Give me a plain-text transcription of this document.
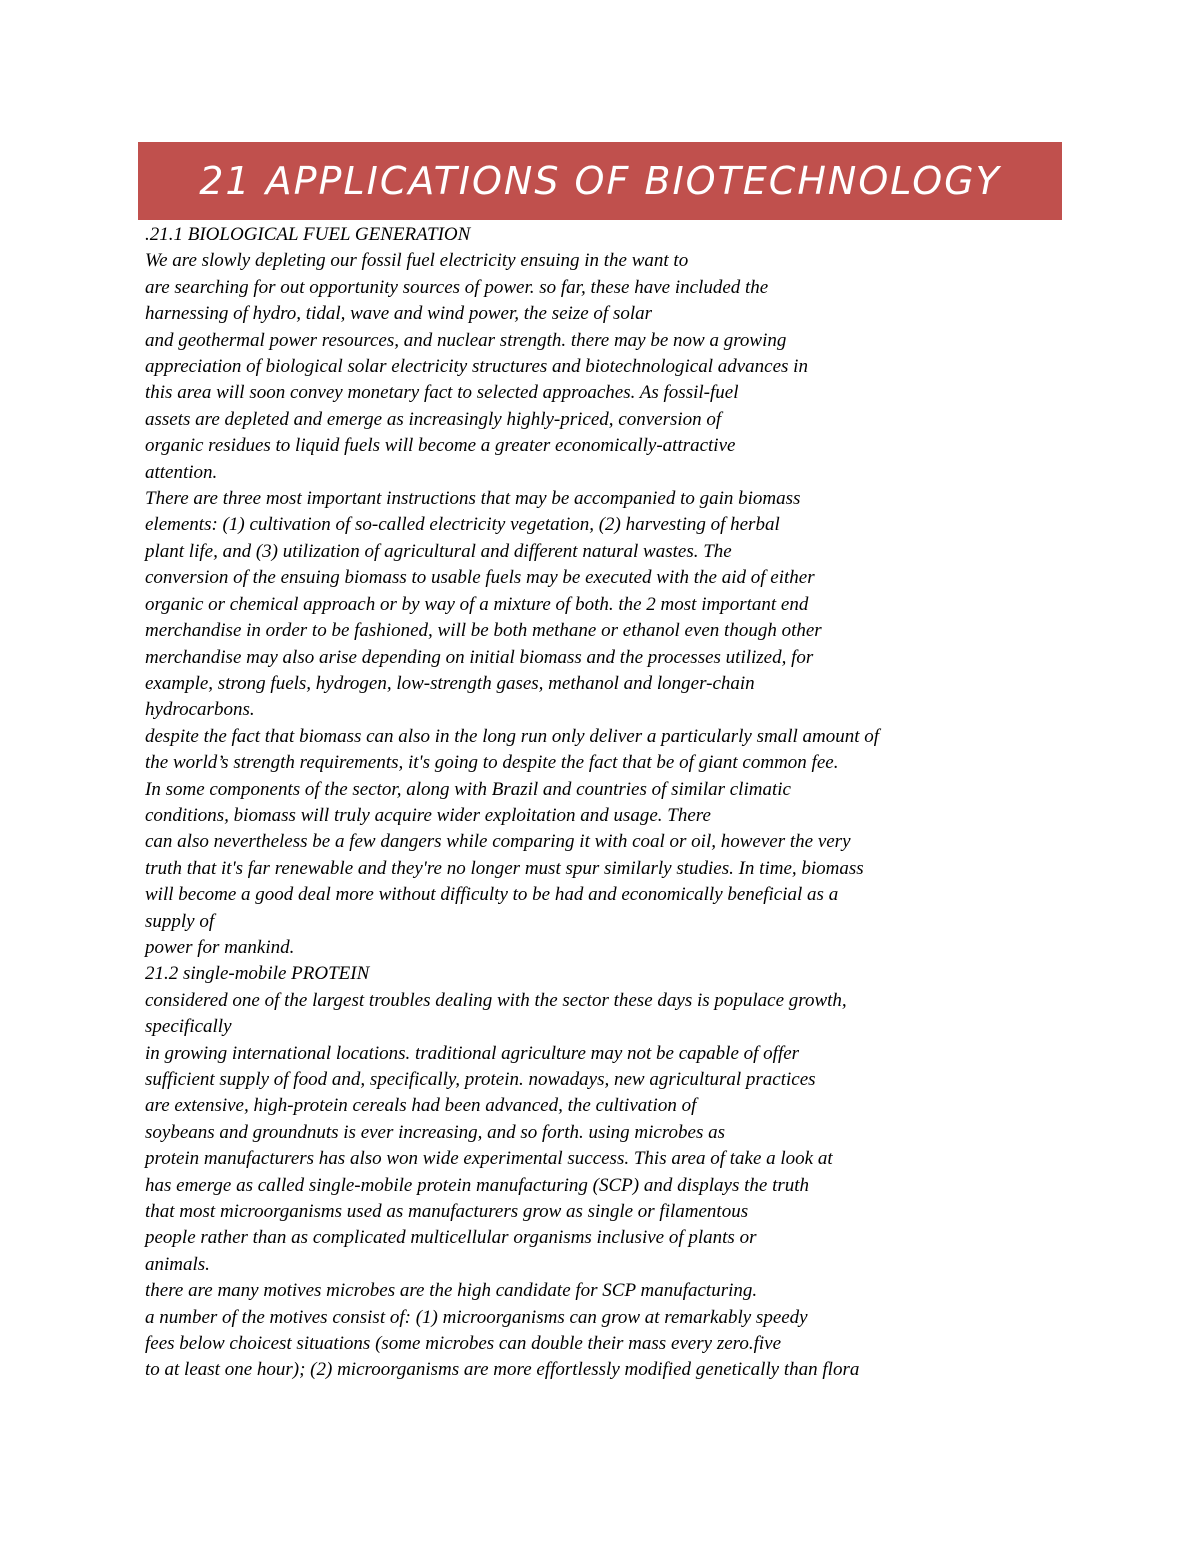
21 APPLICATIONS OF BIOTECHNOLOGY
.21.1 BIOLOGICAL FUEL GENERATION
We are slowly depleting our fossil fuel electricity ensuing in the want to
are searching for out opportunity sources of power. so far, these have included the
harnessing of hydro, tidal, wave and wind power, the seize of solar
and geothermal power resources, and nuclear strength. there may be now a growing
appreciation of biological solar electricity structures and biotechnological advances in
this area will soon convey monetary fact to selected approaches. As fossil-fuel
assets are depleted and emerge as increasingly highly-priced, conversion of
organic residues to liquid fuels will become a greater economically-attractive
attention.
There are three most important instructions that may be accompanied to gain biomass
elements: (1) cultivation of so-called electricity vegetation, (2) harvesting of herbal
plant life, and (3) utilization of agricultural and different natural wastes. The
conversion of the ensuing biomass to usable fuels may be executed with the aid of either
organic or chemical approach or by way of a mixture of both. the 2 most important end
merchandise in order to be fashioned, will be both methane or ethanol even though other
merchandise may also arise depending on initial biomass and the processes utilized, for
example, strong fuels, hydrogen, low-strength gases, methanol and longer-chain
hydrocarbons.
despite the fact that biomass can also in the long run only deliver a particularly small amount of
the world’s strength requirements, it's going to despite the fact that be of giant common fee.
In some components of the sector, along with Brazil and countries of similar climatic
conditions, biomass will truly acquire wider exploitation and usage. There
can also nevertheless be a few dangers while comparing it with coal or oil, however the very
truth that it's far renewable and they're no longer must spur similarly studies. In time, biomass
will become a good deal more without difficulty to be had and economically beneficial as a
supply of
power for mankind.
21.2 single-mobile PROTEIN
considered one of the largest troubles dealing with the sector these days is populace growth,
specifically
in growing international locations. traditional agriculture may not be capable of offer
sufficient supply of food and, specifically, protein. nowadays, new agricultural practices
are extensive, high-protein cereals had been advanced, the cultivation of
soybeans and groundnuts is ever increasing, and so forth. using microbes as
protein manufacturers has also won wide experimental success. This area of take a look at
has emerge as called single-mobile protein manufacturing (SCP) and displays the truth
that most microorganisms used as manufacturers grow as single or filamentous
people rather than as complicated multicellular organisms inclusive of plants or
animals.
there are many motives microbes are the high candidate for SCP manufacturing.
a number of the motives consist of: (1) microorganisms can grow at remarkably speedy
fees below choicest situations (some microbes can double their mass every zero.five
to at least one hour); (2) microorganisms are more effortlessly modified genetically than flora
